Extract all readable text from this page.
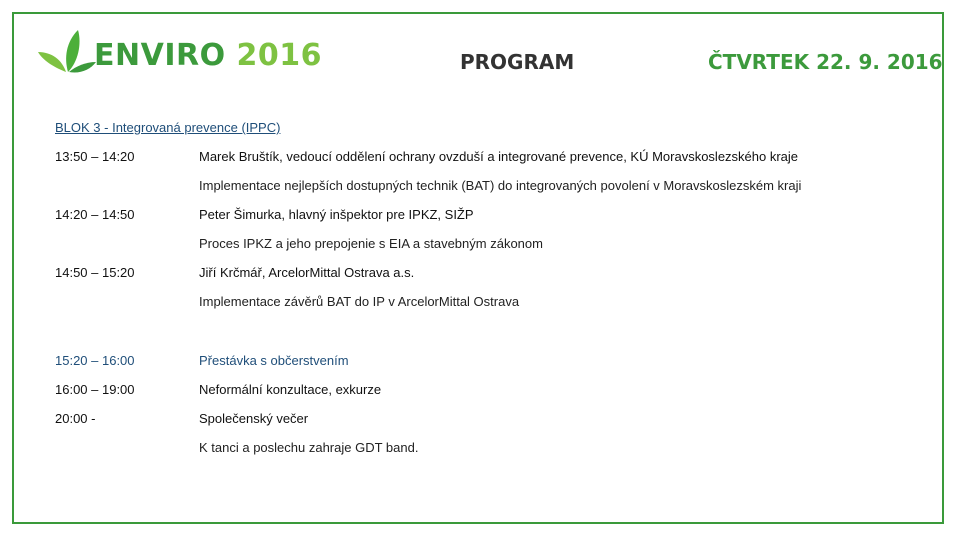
ENVIRO 2016	PROGRAM	ČTVRTEK 22. 9. 2016
BLOK 3 - Integrovaná prevence (IPPC)
13:50 – 14:20	Marek Bruštík, vedoucí oddělení ochrany ovzduší a integrované prevence, KÚ Moravskoslezského kraje
Implementace nejlepších dostupných technik (BAT) do integrovaných povolení v Moravskoslezském kraji
14:20 – 14:50	Peter Šimurka, hlavný inšpektor pre IPKZ, SIŽP
Proces IPKZ a jeho prepojenie s EIA a stavebným zákonom
14:50 – 15:20	Jiří Krčmář, ArcelorMittal Ostrava a.s.
Implementace závěrů BAT do IP v ArcelorMittal Ostrava
15:20 – 16:00	Přestávka s občerstvením
16:00 – 19:00	Neformální konzultace, exkurze
20:00 -	Společenský večer
K tanci a poslechu zahraje GDT band.
